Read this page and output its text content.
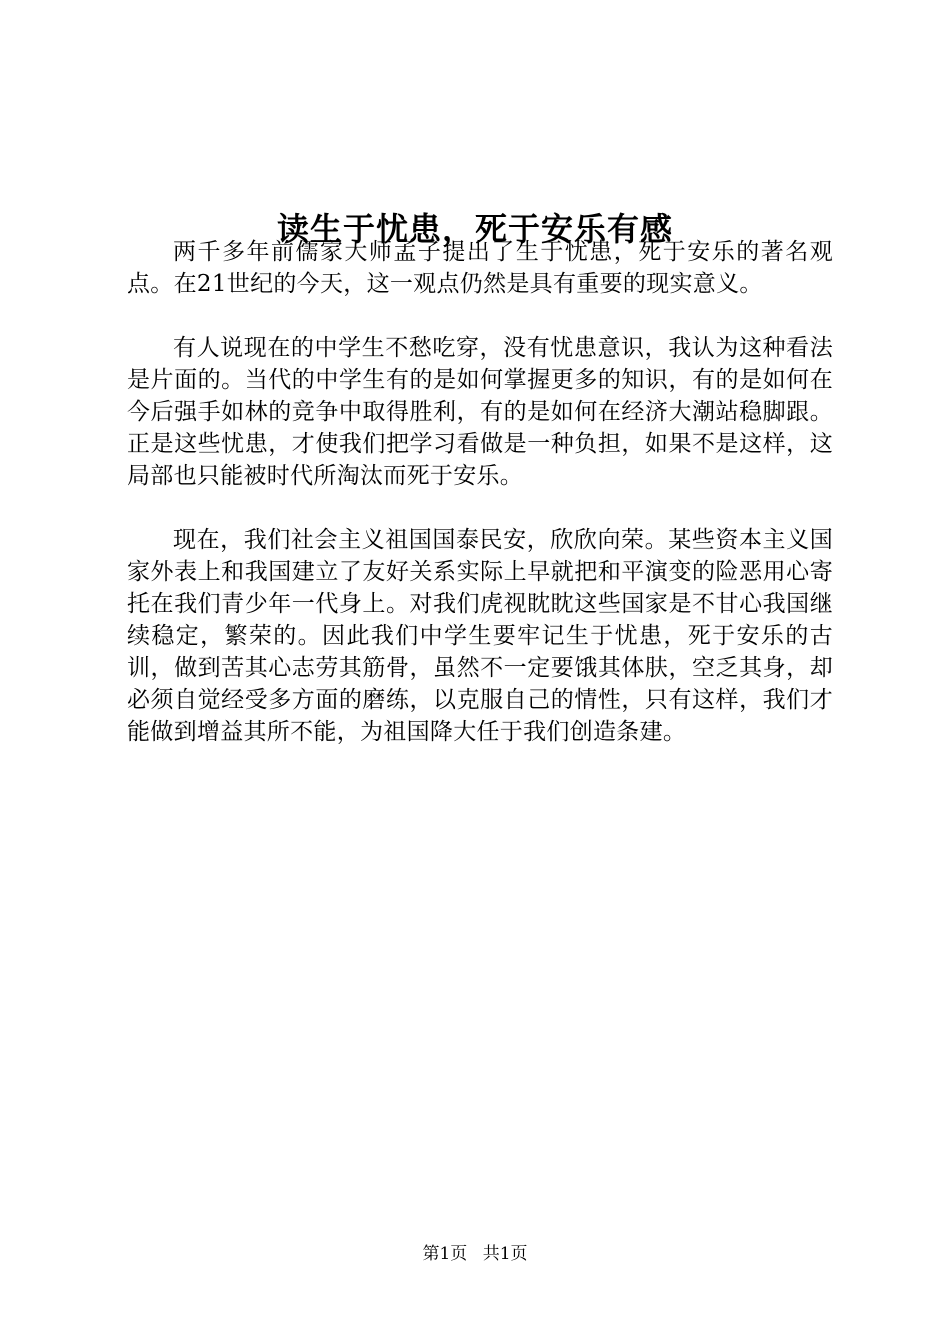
读生于忧患，死于安乐有感

两千多年前儒家大师孟子提出了生于忧患，死于安乐的著名观点。在21世纪的今天，这一观点仍然是具有重要的现实意义。

有人说现在的中学生不愁吃穿，没有忧患意识，我认为这种看法是片面的。当代的中学生有的是如何掌握更多的知识，有的是如何在今后强手如林的竞争中取得胜利，有的是如何在经济大潮站稳脚跟。正是这些忧患，才使我们把学习看做是一种负担，如果不是这样，这局部也只能被时代所淘汰而死于安乐。

现在，我们社会主义祖国国泰民安，欣欣向荣。某些资本主义国家外表上和我国建立了友好关系实际上早就把和平演变的险恶用心寄托在我们青少年一代身上。对我们虎视眈眈这些国家是不甘心我国继续稳定，繁荣的。因此我们中学生要牢记生于忧患，死于安乐的古训，做到苦其心志劳其筋骨，虽然不一定要饿其体肤，空乏其身，却必须自觉经受多方面的磨练，以克服自己的情性，只有这样，我们才能做到增益其所不能，为祖国降大任于我们创造条建。

第1页 共1页
